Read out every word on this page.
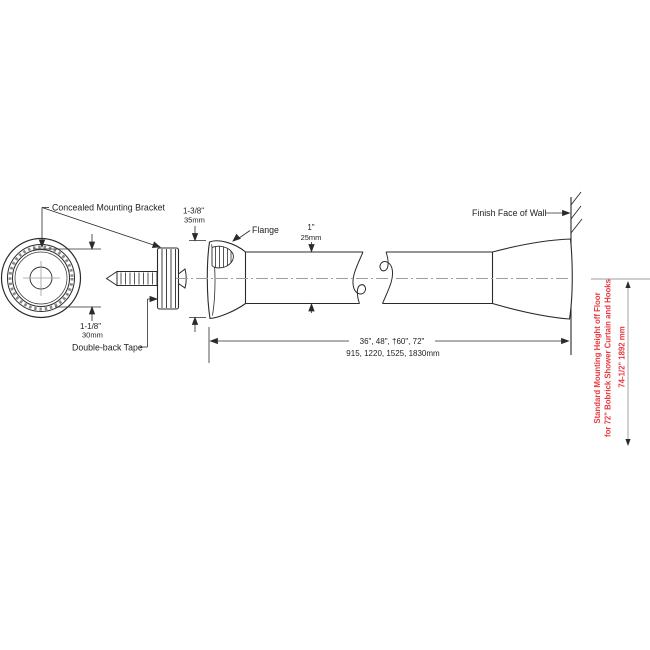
Concealed Mounting Bracket
Double-back Tape
Flange
Finish Face of Wall
1-1/8"
30mm
1-3/8"
35mm
1"
25mm
36", 48", †60", 72"
915, 1220, 1525, 1830mm	Standard Mounting Height off Floor for 72" Bobrick Shower Curtain and Hooks 74-1/2" 1892 mm
